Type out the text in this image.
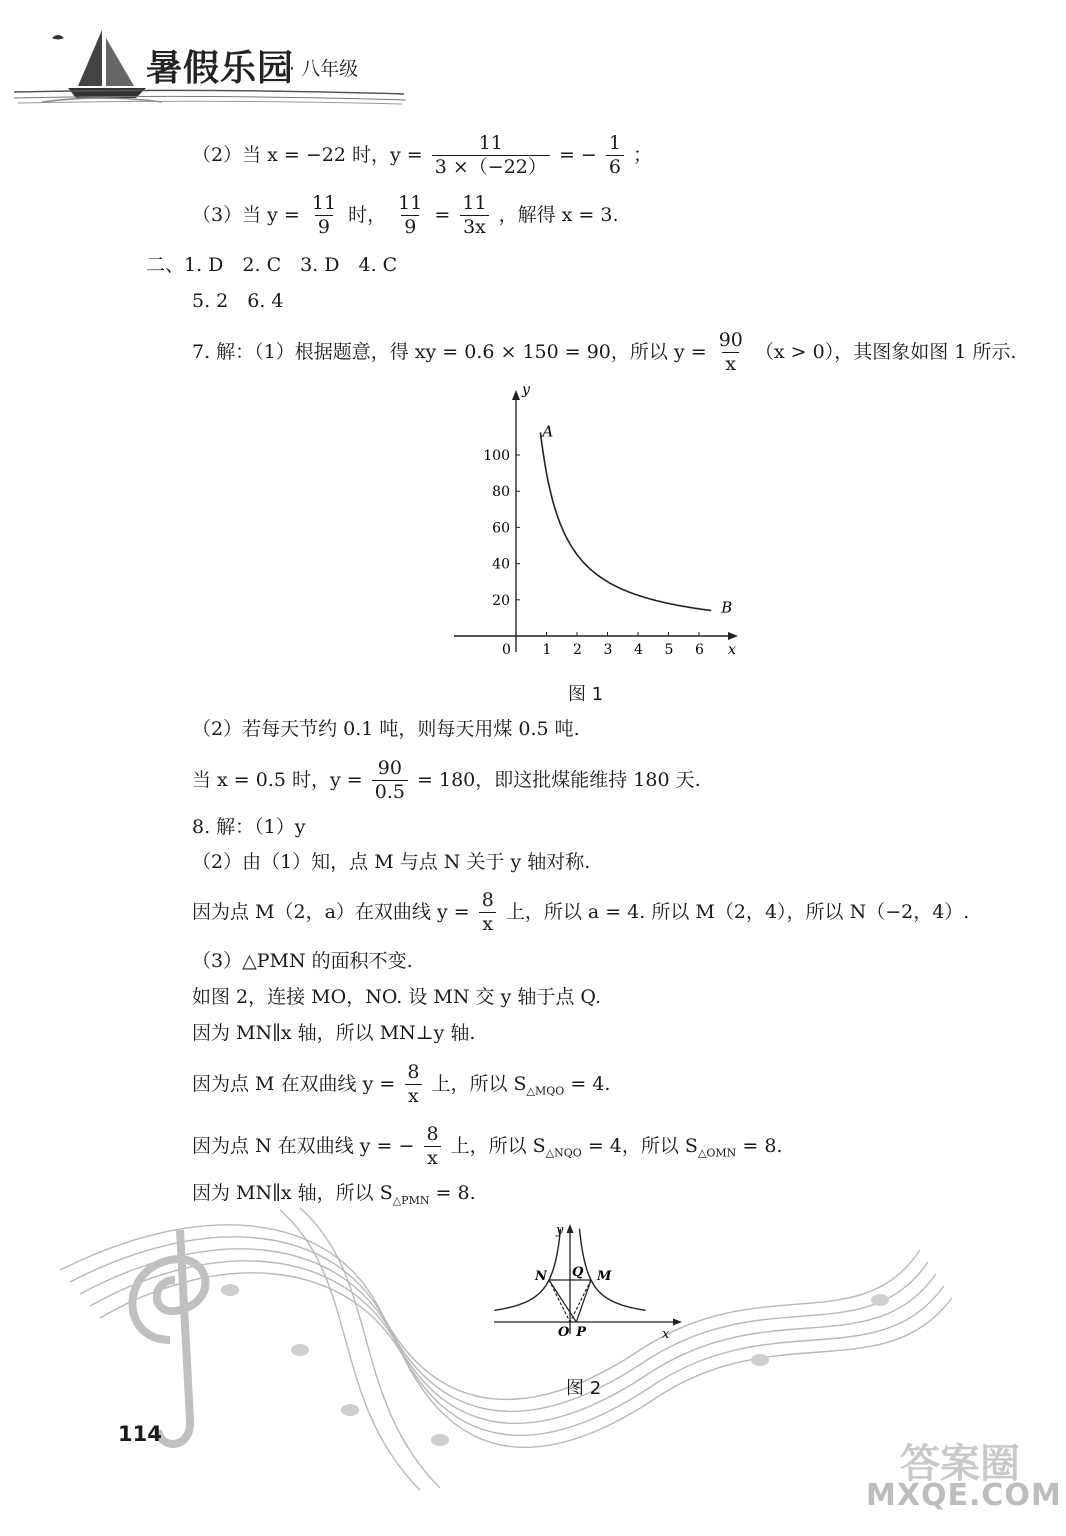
暑假乐园
· 八年级
（2）当 x = −22 时，$y = \frac{11}{3 \times(-22)}$ = − $\frac{1}{6}$ ；
（3）当 $y = \frac{11}{9}$ 时， $\frac{11}{9} = \frac{11}{3x}$ ，解得 x = 3.
二、1. D　2. C　3. D　4. C
5. 2　6. 4
7. 解：（1）根据题意，得 xy = 0.6 × 150 = 90，所以 $y = \frac{90}{x} (x > 0)$，其图象如图 1 所示.
x
y
0 1 2 3 4 5 6
20
40
60
80
100
A
B
图 1
（2）若每天节约 0.1 吨，则每天用煤 0.5 吨.
当 x = 0.5 时，$y = \frac{90}{0.5} = 180$，即这批煤能维持 180 天.
8. 解：（1）y
（2）由（1）知，点 M 与点 N 关于 y 轴对称.
因为点 M（2，a）在双曲线 $y = \frac{8}{x}$ 上，所以 a = 4. 所以 M（2，4），所以 N（−2，4）.
（3）△PMN 的面积不变.
如图 2，连接 MO，NO. 设 MN 交 y 轴于点 Q.
因为 MN∥x 轴，所以 MN⊥y 轴.
因为点 M 在双曲线 $y = \frac{8}{x}$ 上，所以 $S_{\triangle MQO} = 4$.
因为点 N 在双曲线 y = − $\frac{8}{x}$ 上，所以 $S_{\triangle NQO} = 4$，所以 $S_{\triangle OMN} = 8$.
因为 MN∥x 轴，所以 $S_{\triangle PMN} = 8$.
x
y
N Q M
O P
图 2
114
答案圈
MXQE.COM
